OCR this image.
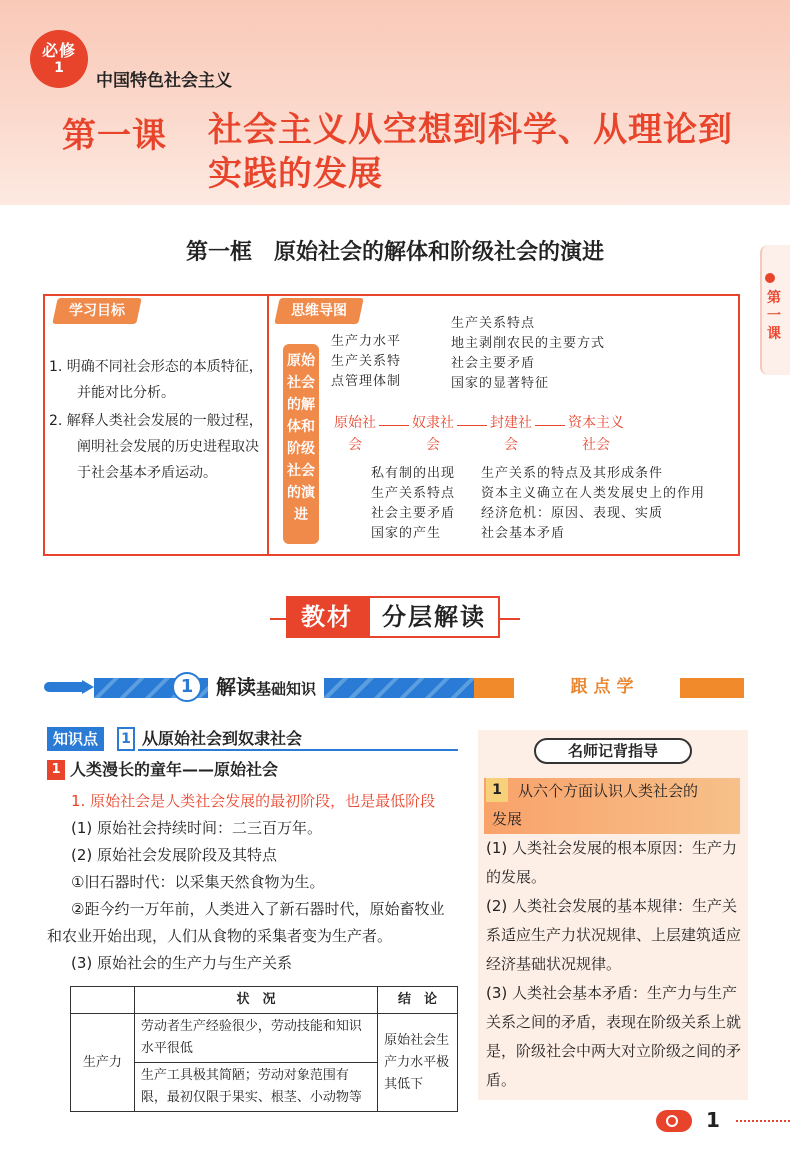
必修
1
中国特色社会主义
第一课 社会主义从空想到科学、从理论到实践的发展
第一框　原始社会的解体和阶级社会的演进
第一课
学习目标

1. 明确不同社会形态的本质特征，并能对比分析。

2. 解释人类社会发展的一般过程，阐明社会发展的历史进程取决于社会基本矛盾运动。

思维导图
原始社会的解体和阶级社会的演进
生产力水平
生产关系特
点管理体制
生产关系特点
地主剥削农民的主要方式
社会主要矛盾
国家的显著特征
原始社会
奴隶社会
封建社会
资本主义社会
私有制的出现
生产关系特点
社会主要矛盾
国家的产生
生产关系的特点及其形成条件
资本主义确立在人类发展史上的作用
经济危机：原因、表现、实质
社会基本矛盾
教材	分层解读
1	解读基础知识	跟点学
知识点	1 从原始社会到奴隶社会
1 人类漫长的童年——原始社会
1. 原始社会是人类社会发展的最初阶段，也是最低阶段
(1) 原始社会持续时间：二三百万年。
(2) 原始社会发展阶段及其特点
①旧石器时代：以采集天然食物为生。
②距今约一万年前，人类进入了新石器时代，原始畜牧业和农业开始出现，人们从食物的采集者变为生产者。
(3) 原始社会的生产力与生产关系
	状　况	结　论
生产力	劳动者生产经验很少，劳动技能和知识水平很低	原始社会生产力水平极其低下
	生产工具极其简陋；劳动对象范围有限，最初仅限于果实、根茎、小动物等	
名师记背指导
从六个方面认识人类社会的
1
发展
(1) 人类社会发展的根本原因：生产力的发展。
(2) 人类社会发展的基本规律：生产关系适应生产力状况规律、上层建筑适应经济基础状况规律。
(3) 人类社会基本矛盾：生产力与生产关系之间的矛盾，表现在阶级关系上就是，阶级社会中两大对立阶级之间的矛盾。
1
